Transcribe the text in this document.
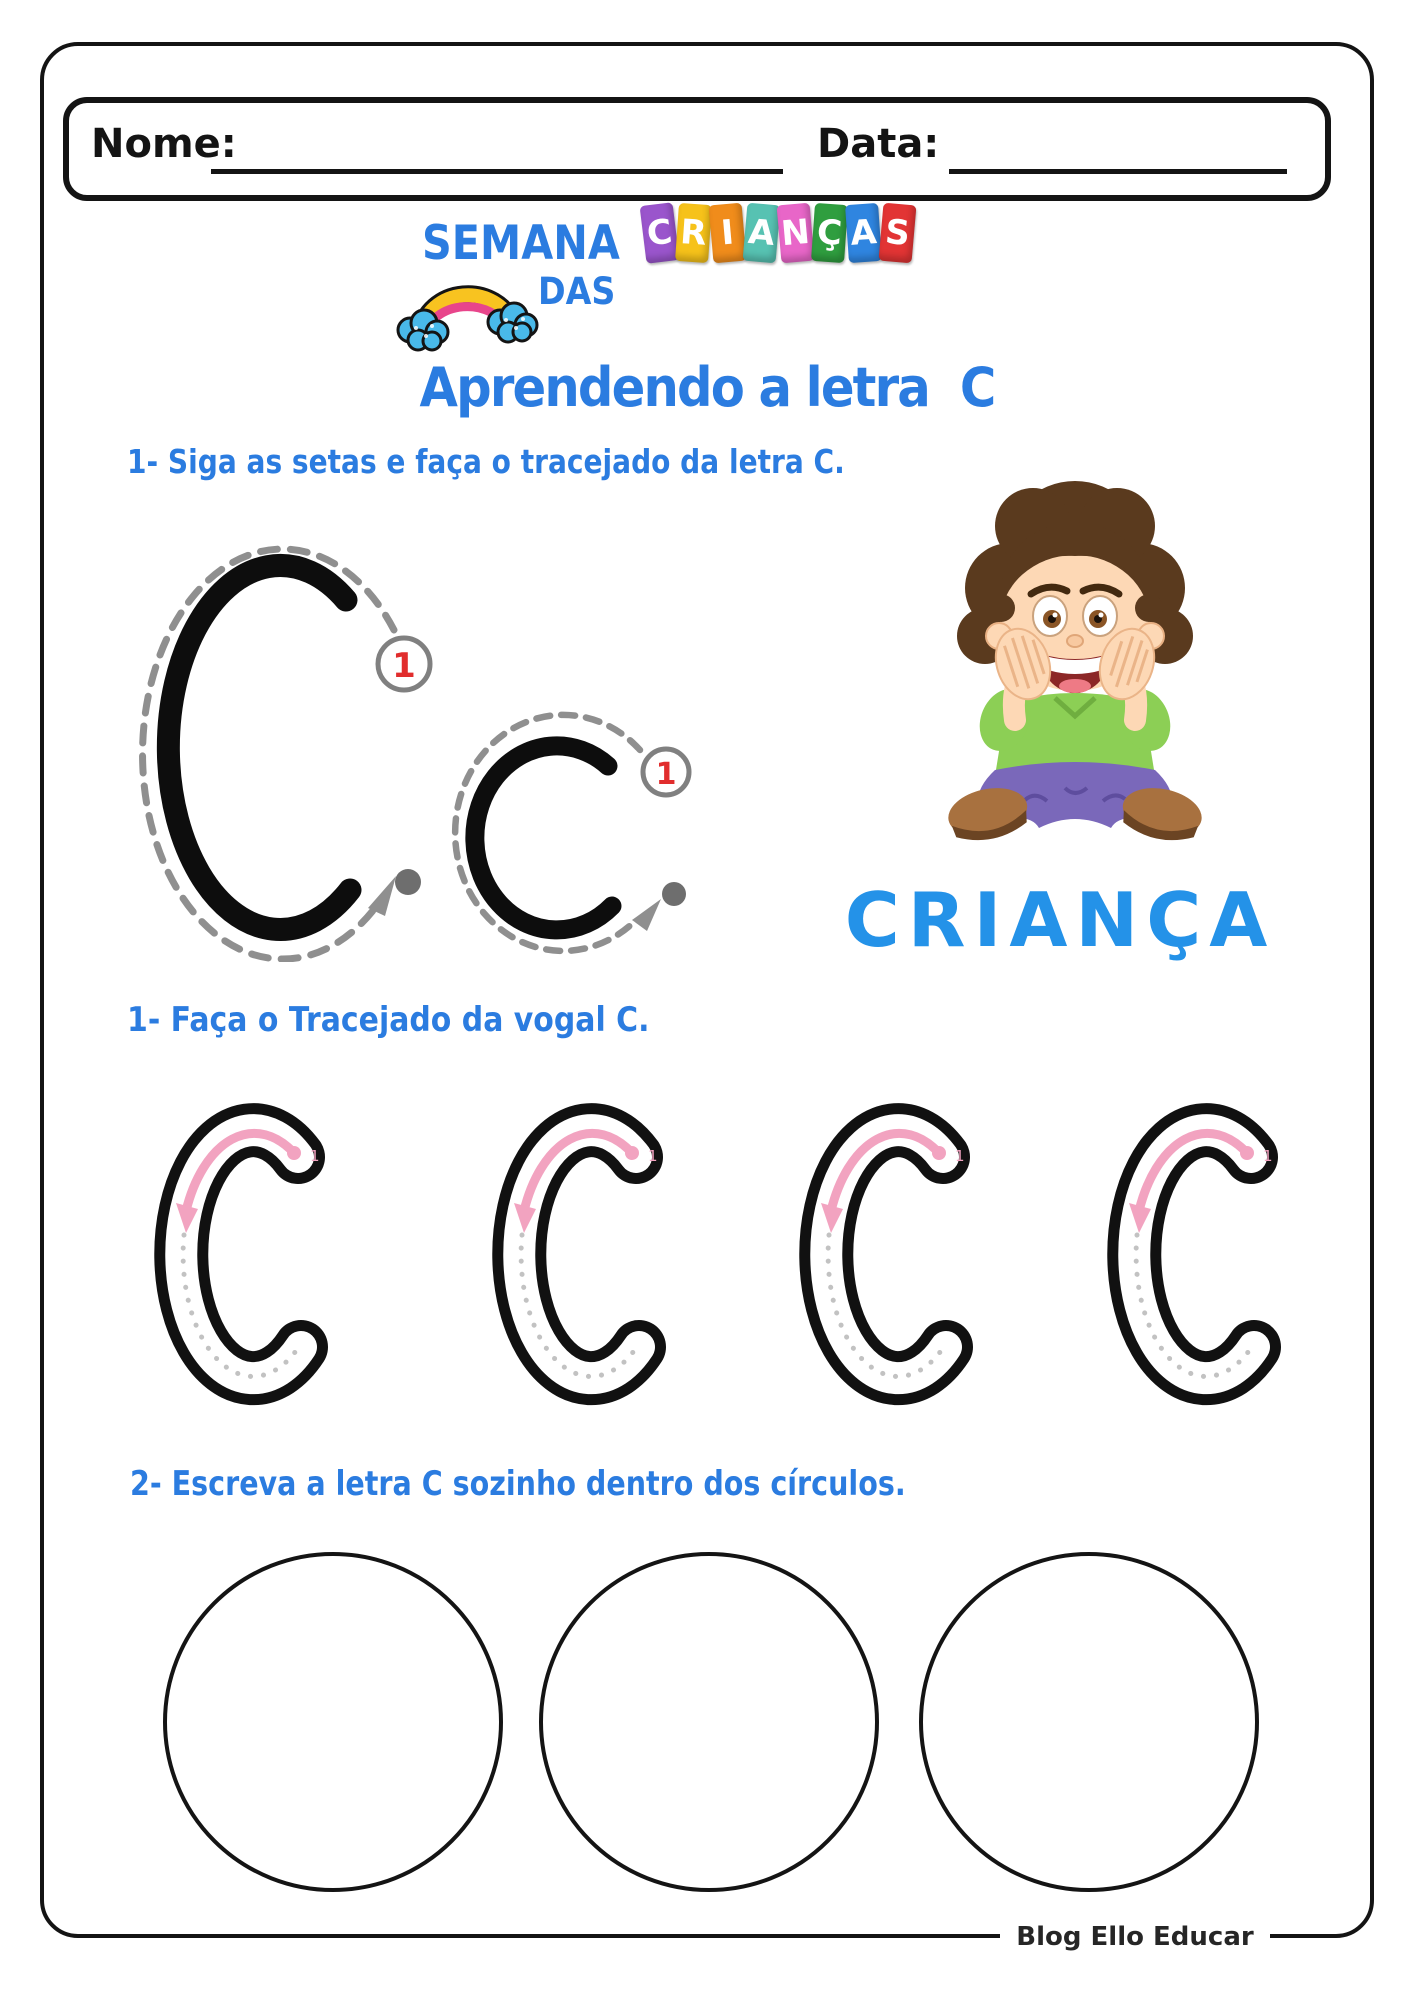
Nome:	Data:
SEMANA
DAS
C R I A N Ç A S
Aprendendo a letra  C
1- Siga as setas e faça o tracejado da letra C.
1
1
CRIANÇA
1- Faça o Tracejado da vogal C.
1	1	1	1
2- Escreva a letra C sozinho dentro dos círculos.
Blog Ello Educar
